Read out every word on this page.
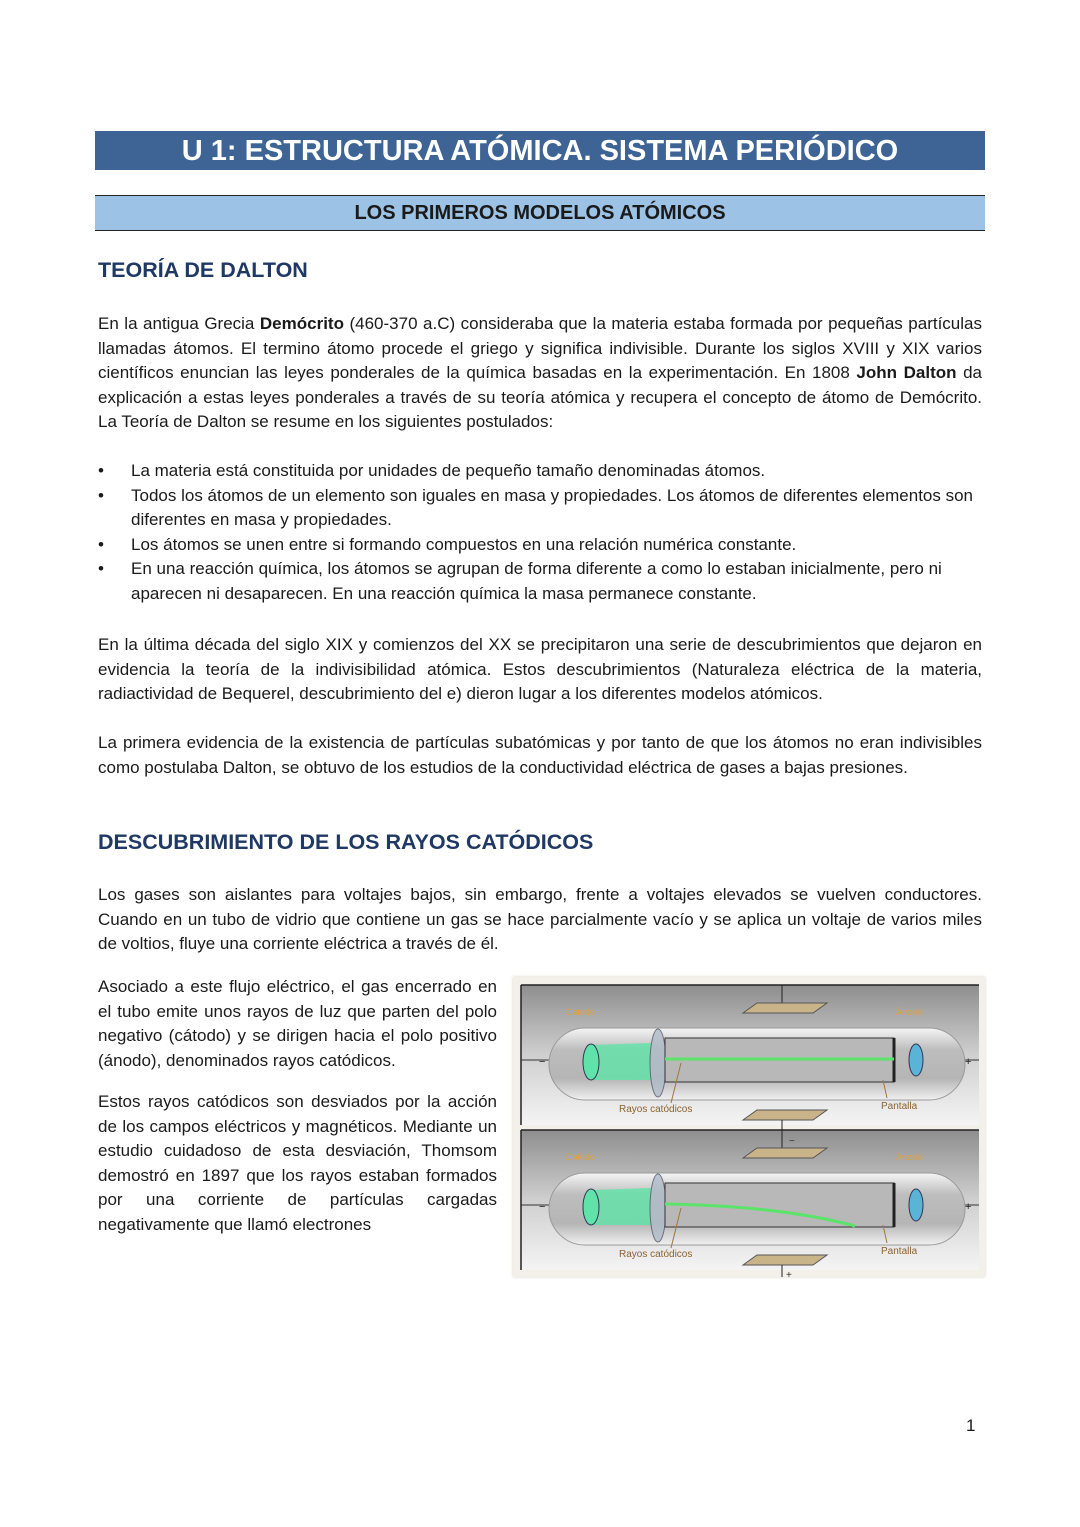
U 1: ESTRUCTURA ATÓMICA. SISTEMA PERIÓDICO
LOS PRIMEROS MODELOS ATÓMICOS
TEORÍA DE DALTON
En la antigua Grecia Demócrito (460-370 a.C) consideraba que la materia estaba formada por pequeñas partículas llamadas átomos. El termino átomo procede el griego y significa indivisible. Durante los siglos XVIII y XIX varios científicos enuncian las leyes ponderales de la química basadas en la experimentación. En 1808 John Dalton da explicación a estas leyes ponderales a través de su teoría atómica y recupera el concepto de átomo de Demócrito. La Teoría de Dalton se resume en los siguientes postulados:
• La materia está constituida por unidades de pequeño tamaño denominadas átomos.
• Todos los átomos de un elemento son iguales en masa y propiedades. Los átomos de diferentes elementos son diferentes en masa y propiedades.
• Los átomos se unen entre si formando compuestos en una relación numérica constante.
• En una reacción química, los átomos se agrupan de forma diferente a como lo estaban inicialmente, pero ni aparecen ni desaparecen. En una reacción química la masa permanece constante.
En la última década del siglo XIX y comienzos del XX se precipitaron una serie de descubrimientos que dejaron en evidencia la teoría de la indivisibilidad atómica. Estos descubrimientos (Naturaleza eléctrica de la materia, radiactividad de Bequerel, descubrimiento del e) dieron lugar a los diferentes modelos atómicos.
La primera evidencia de la existencia de partículas subatómicas y por tanto de que los átomos no eran indivisibles como postulaba Dalton, se obtuvo de los estudios de la conductividad eléctrica de gases a bajas presiones.
DESCUBRIMIENTO DE LOS RAYOS CATÓDICOS
Los gases son aislantes para voltajes bajos, sin embargo, frente a voltajes elevados se vuelven conductores. Cuando en un tubo de vidrio que contiene un gas se hace parcialmente vacío y se aplica un voltaje de varios miles de voltios, fluye una corriente eléctrica a través de él.
Asociado a este flujo eléctrico, el gas encerrado en el tubo emite unos rayos de luz que parten del polo negativo (cátodo) y se dirigen hacia el polo positivo (ánodo), denominados rayos catódicos.
Estos rayos catódicos son desviados por la acción de los campos eléctricos y magnéticos. Mediante un estudio cuidadoso de esta desviación, Thomsom demostró en 1897 que los rayos estaban formados por una corriente de partículas cargadas negativamente que llamó electrones
Cátodo	Ánodo
−	+
Rayos catódicos	Pantalla
Cátodo	Ánodo
−
+
−	+
Rayos catódicos	Pantalla
1
